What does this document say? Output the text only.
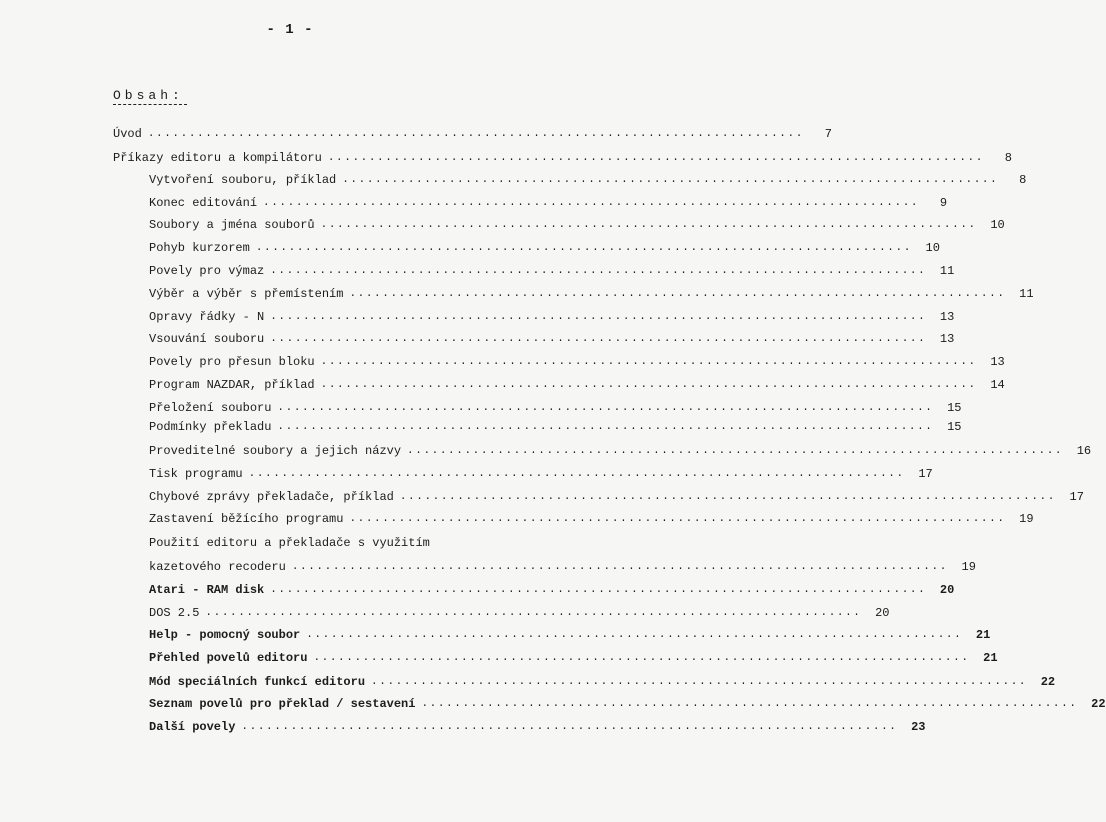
- 1 -
Obsah:
Úvod ................................................................................	7
Příkazy editoru a kompilátoru ................................................................................	8
Vytvoření souboru, příklad ................................................................................	8
Konec editování ................................................................................	9
Soubory a jména souborů ................................................................................	10
Pohyb kurzorem ................................................................................	10
Povely pro výmaz ................................................................................	11
Výběr a výběr s přemístením ................................................................................	11
Opravy řádky - N ................................................................................	13
Vsouvání souboru ................................................................................	13
Povely pro přesun bloku ................................................................................	13
Program NAZDAR, příklad ................................................................................	14
Přeložení souboru ................................................................................	15
Podmínky překladu ................................................................................	15
Proveditelné soubory a jejich názvy ................................................................................	16
Tisk programu ................................................................................	17
Chybové zprávy překladače, příklad ................................................................................	17
Zastavení běžícího programu ................................................................................	19
Použití editoru a překladače s využitím
kazetového recoderu ................................................................................	19
Atari - RAM disk ................................................................................	20
DOS 2.5 ................................................................................	20
Help - pomocný soubor ................................................................................	21
Přehled povelů editoru ................................................................................	21
Mód speciálních funkcí editoru ................................................................................	22
Seznam povelů pro překlad / sestavení ................................................................................	22
Další povely ................................................................................	23
